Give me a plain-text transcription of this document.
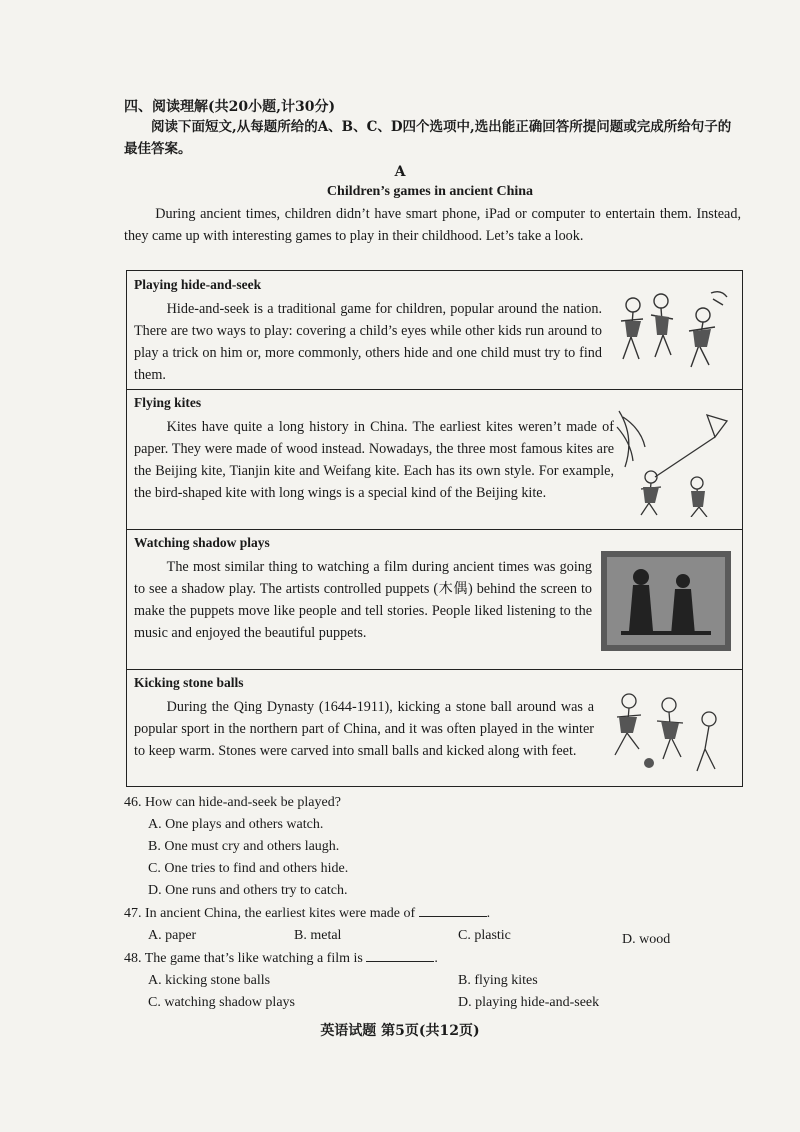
四、阅读理解(共20小题,计30分)
阅读下面短文,从每题所给的A、B、C、D四个选项中,选出能正确回答所提问题或完成所给句子的最佳答案。
A
Children’s games in ancient China
During ancient times, children didn’t have smart phone, iPad or computer to entertain them. Instead, they came up with interesting games to play in their childhood. Let’s take a look.
Playing hide-and-seek

Hide-and-seek is a traditional game for children, popular around the nation. There are two ways to play: covering a child’s eyes while other kids run around to play a trick on him or, more commonly, others hide and one child must try to find them.

Flying kites

Kites have quite a long history in China. The earliest kites weren’t made of paper. They were made of wood instead. Nowadays, the three most famous kites are the Beijing kite, Tianjin kite and Weifang kite. Each has its own style. For example, the bird-shaped kite with long wings is a special kind of the Beijing kite.

Watching shadow plays

The most similar thing to watching a film during ancient times was going to see a shadow play. The artists controlled puppets (木偶) behind the screen to make the puppets move like people and tell stories. People liked listening to the music and enjoyed the beautiful puppets.

Kicking stone balls

During the Qing Dynasty (1644-1911), kicking a stone ball around was a popular sport in the northern part of China, and it was often played in the winter to keep warm. Stones were carved into small balls and kicked along with feet.

46. How can hide-and-seek be played?

A. One plays and others watch.

B. One must cry and others laugh.

C. One tries to find and others hide.

D. One runs and others try to catch.

47. In ancient China, the earliest kites were made of	.

A. paper	B. metal	C. plastic	D. wood

48. The game that’s like watching a film is	.

A. kicking stone balls	B. flying kites
C. watching shadow plays	D. playing hide-and-seek
英语试题 第5页(共12页)
